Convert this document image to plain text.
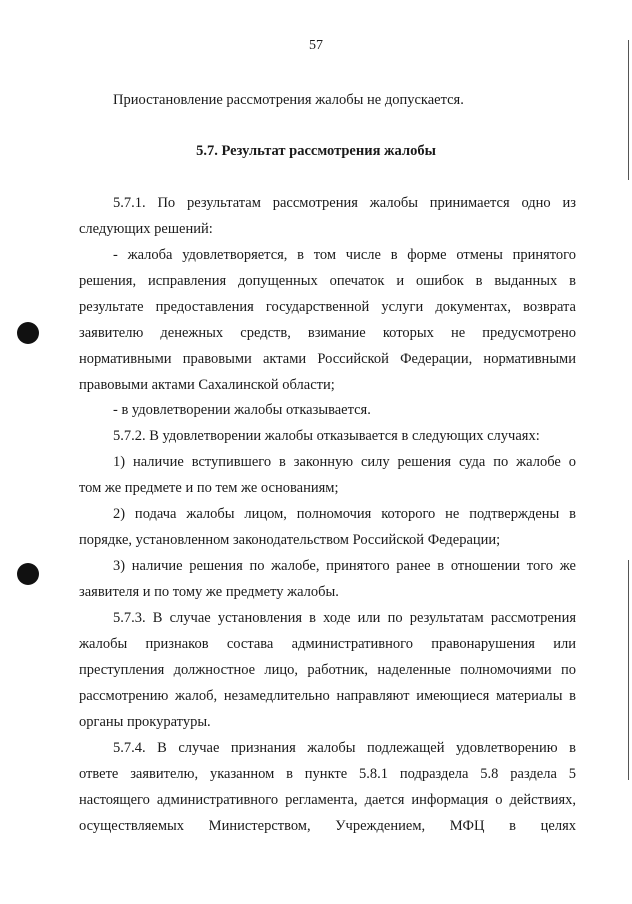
57
Приостановление рассмотрения жалобы не допускается.
5.7. Результат рассмотрения жалобы
5.7.1. По результатам рассмотрения жалобы принимается одно из
следующих решений:
- жалоба удовлетворяется, в том числе в форме отмены принятого
решения, исправления допущенных опечаток и ошибок в выданных в
результате предоставления государственной услуги документах, возврата
заявителю денежных средств, взимание которых не предусмотрено
нормативными правовыми актами Российской Федерации, нормативными
правовыми актами Сахалинской области;
- в удовлетворении жалобы отказывается.
5.7.2. В удовлетворении жалобы отказывается в следующих случаях:
1) наличие вступившего в законную силу решения суда по жалобе о
том же предмете и по тем же основаниям;
2) подача жалобы лицом, полномочия которого не подтверждены в
порядке, установленном законодательством Российской Федерации;
3) наличие решения по жалобе, принятого ранее в отношении того же
заявителя и по тому же предмету жалобы.
5.7.3. В случае установления в ходе или по результатам рассмотрения
жалобы признаков состава административного правонарушения или
преступления должностное лицо, работник, наделенные полномочиями по
рассмотрению жалоб, незамедлительно направляют имеющиеся материалы в
органы прокуратуры.
5.7.4. В случае признания жалобы подлежащей удовлетворению в
ответе заявителю, указанном в пункте 5.8.1 подраздела 5.8 раздела 5
настоящего административного регламента, дается информация о действиях,
осуществляемых Министерством, Учреждением, МФЦ в целях
